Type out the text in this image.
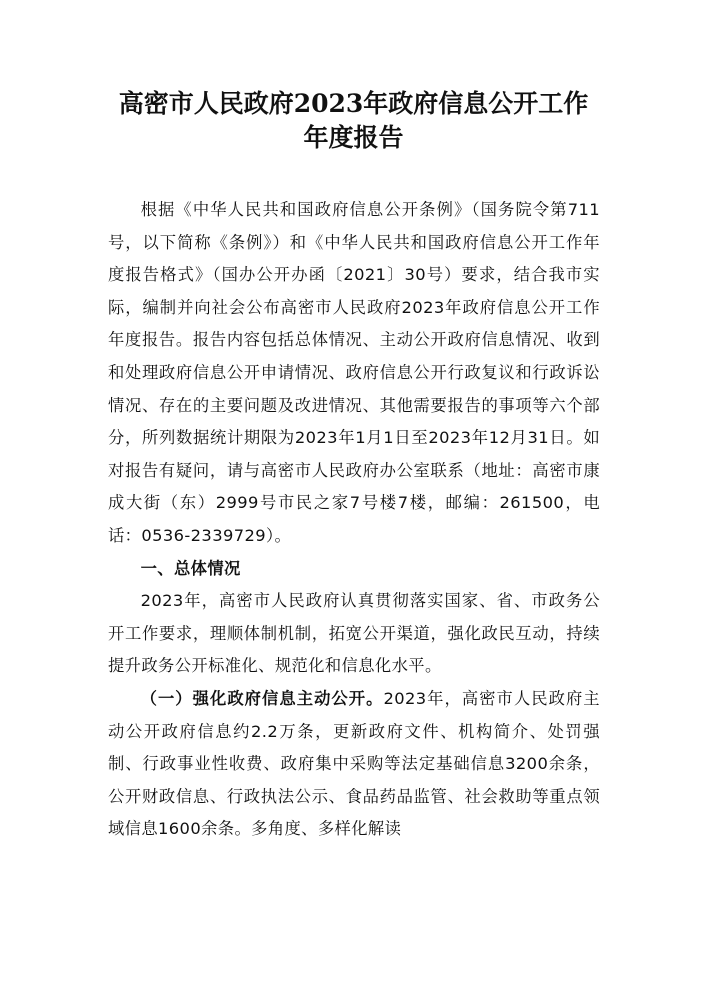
高密市人民政府2023年政府信息公开工作
年度报告

根据《中华人民共和国政府信息公开条例》（国务院令第711号，以下简称《条例》）和《中华人民共和国政府信息公开工作年度报告格式》（国办公开办函〔2021〕30号）要求，结合我市实际，编制并向社会公布高密市人民政府2023年政府信息公开工作年度报告。报告内容包括总体情况、主动公开政府信息情况、收到和处理政府信息公开申请情况、政府信息公开行政复议和行政诉讼情况、存在的主要问题及改进情况、其他需要报告的事项等六个部分，所列数据统计期限为2023年1月1日至2023年12月31日。如对报告有疑问，请与高密市人民政府办公室联系（地址：高密市康成大街（东）2999号市民之家7号楼7楼，邮编：261500，电话：0536-2339729）。

一、总体情况

2023年，高密市人民政府认真贯彻落实国家、省、市政务公开工作要求，理顺体制机制，拓宽公开渠道，强化政民互动，持续提升政务公开标准化、规范化和信息化水平。

（一）强化政府信息主动公开。2023年，高密市人民政府主动公开政府信息约2.2万条，更新政府文件、机构简介、处罚强制、行政事业性收费、政府集中采购等法定基础信息3200余条，公开财政信息、行政执法公示、食品药品监管、社会救助等重点领域信息1600余条。多角度、多样化解读
